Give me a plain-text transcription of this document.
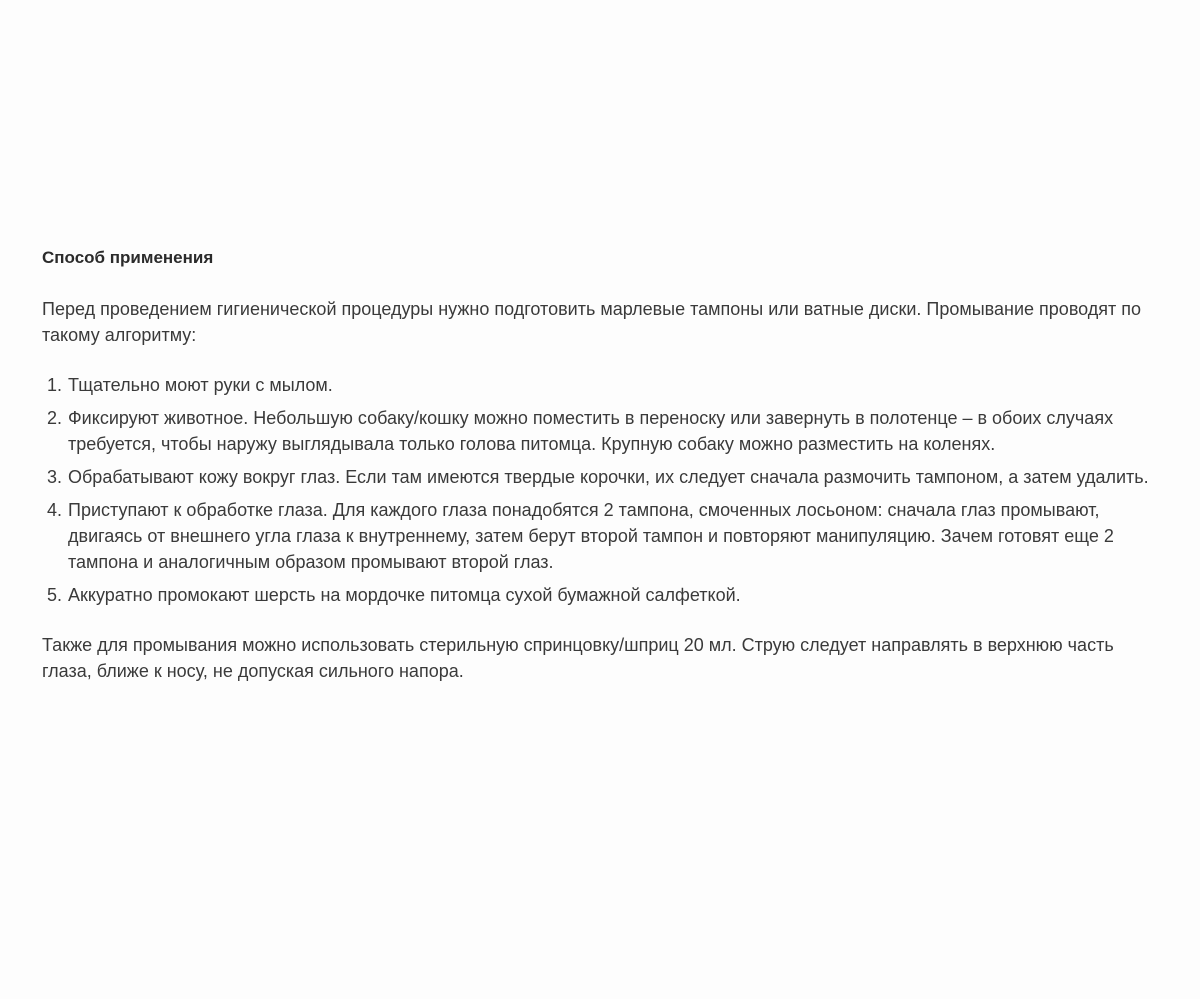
Способ применения

Перед проведением гигиенической процедуры нужно подготовить марлевые тампоны или ватные диски. Промывание проводят по такому алгоритму:

1. Тщательно моют руки с мылом.
2. Фиксируют животное. Небольшую собаку/кошку можно поместить в переноску или завернуть в полотенце – в обоих случаях требуется, чтобы наружу выглядывала только голова питомца. Крупную собаку можно разместить на коленях.
3. Обрабатывают кожу вокруг глаз. Если там имеются твердые корочки, их следует сначала размочить тампоном, а затем удалить.
4. Приступают к обработке глаза. Для каждого глаза понадобятся 2 тампона, смоченных лосьоном: сначала глаз промывают, двигаясь от внешнего угла глаза к внутреннему, затем берут второй тампон и повторяют манипуляцию. Зачем готовят еще 2 тампона и аналогичным образом промывают второй глаз.
5. Аккуратно промокают шерсть на мордочке питомца сухой бумажной салфеткой.

Также для промывания можно использовать стерильную спринцовку/шприц 20 мл. Струю следует направлять в верхнюю часть глаза, ближе к носу, не допуская сильного напора.
